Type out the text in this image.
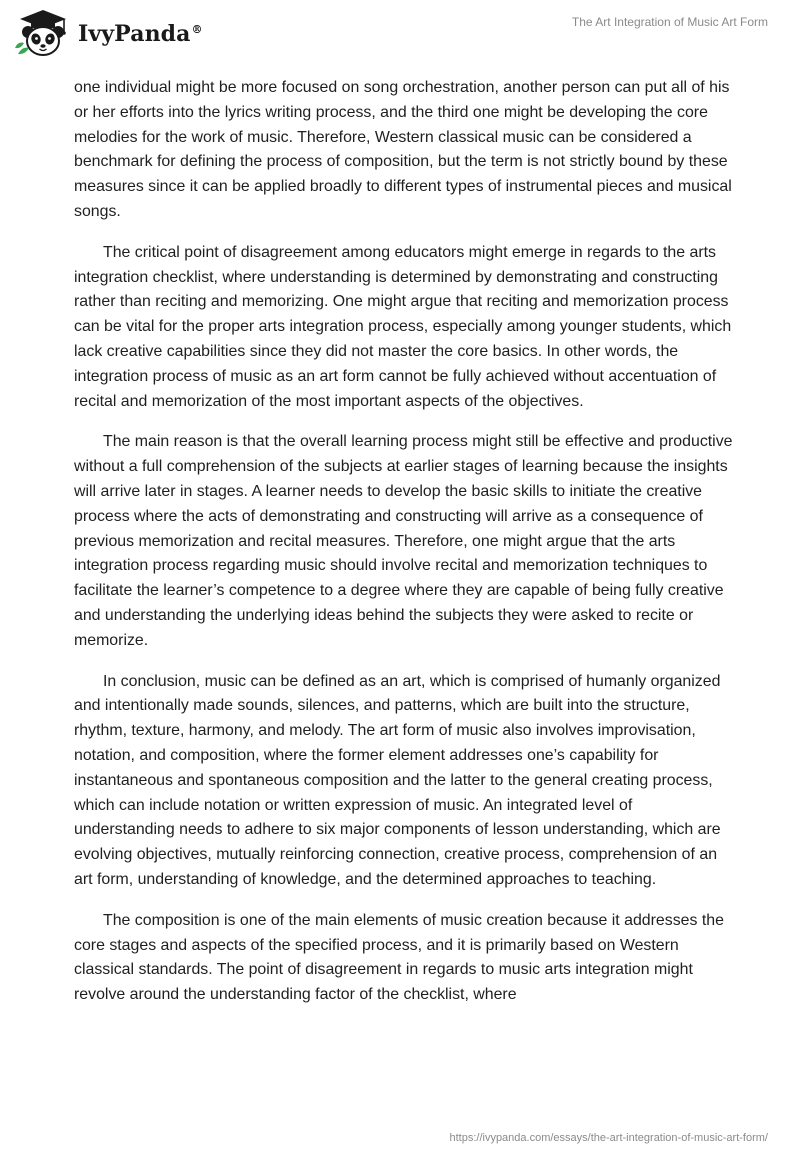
IvyPanda®
The Art Integration of Music Art Form

one individual might be more focused on song orchestration, another person can put all of his or her efforts into the lyrics writing process, and the third one might be developing the core melodies for the work of music. Therefore, Western classical music can be considered a benchmark for defining the process of composition, but the term is not strictly bound by these measures since it can be applied broadly to different types of instrumental pieces and musical songs.

The critical point of disagreement among educators might emerge in regards to the arts integration checklist, where understanding is determined by demonstrating and constructing rather than reciting and memorizing. One might argue that reciting and memorization process can be vital for the proper arts integration process, especially among younger students, which lack creative capabilities since they did not master the core basics. In other words, the integration process of music as an art form cannot be fully achieved without accentuation of recital and memorization of the most important aspects of the objectives.

The main reason is that the overall learning process might still be effective and productive without a full comprehension of the subjects at earlier stages of learning because the insights will arrive later in stages. A learner needs to develop the basic skills to initiate the creative process where the acts of demonstrating and constructing will arrive as a consequence of previous memorization and recital measures. Therefore, one might argue that the arts integration process regarding music should involve recital and memorization techniques to facilitate the learner’s competence to a degree where they are capable of being fully creative and understanding the underlying ideas behind the subjects they were asked to recite or memorize.

In conclusion, music can be defined as an art, which is comprised of humanly organized and intentionally made sounds, silences, and patterns, which are built into the structure, rhythm, texture, harmony, and melody. The art form of music also involves improvisation, notation, and composition, where the former element addresses one’s capability for instantaneous and spontaneous composition and the latter to the general creating process, which can include notation or written expression of music. An integrated level of understanding needs to adhere to six major components of lesson understanding, which are evolving objectives, mutually reinforcing connection, creative process, comprehension of an art form, understanding of knowledge, and the determined approaches to teaching.

The composition is one of the main elements of music creation because it addresses the core stages and aspects of the specified process, and it is primarily based on Western classical standards. The point of disagreement in regards to music arts integration might revolve around the understanding factor of the checklist, where

https://ivypanda.com/essays/the-art-integration-of-music-art-form/
